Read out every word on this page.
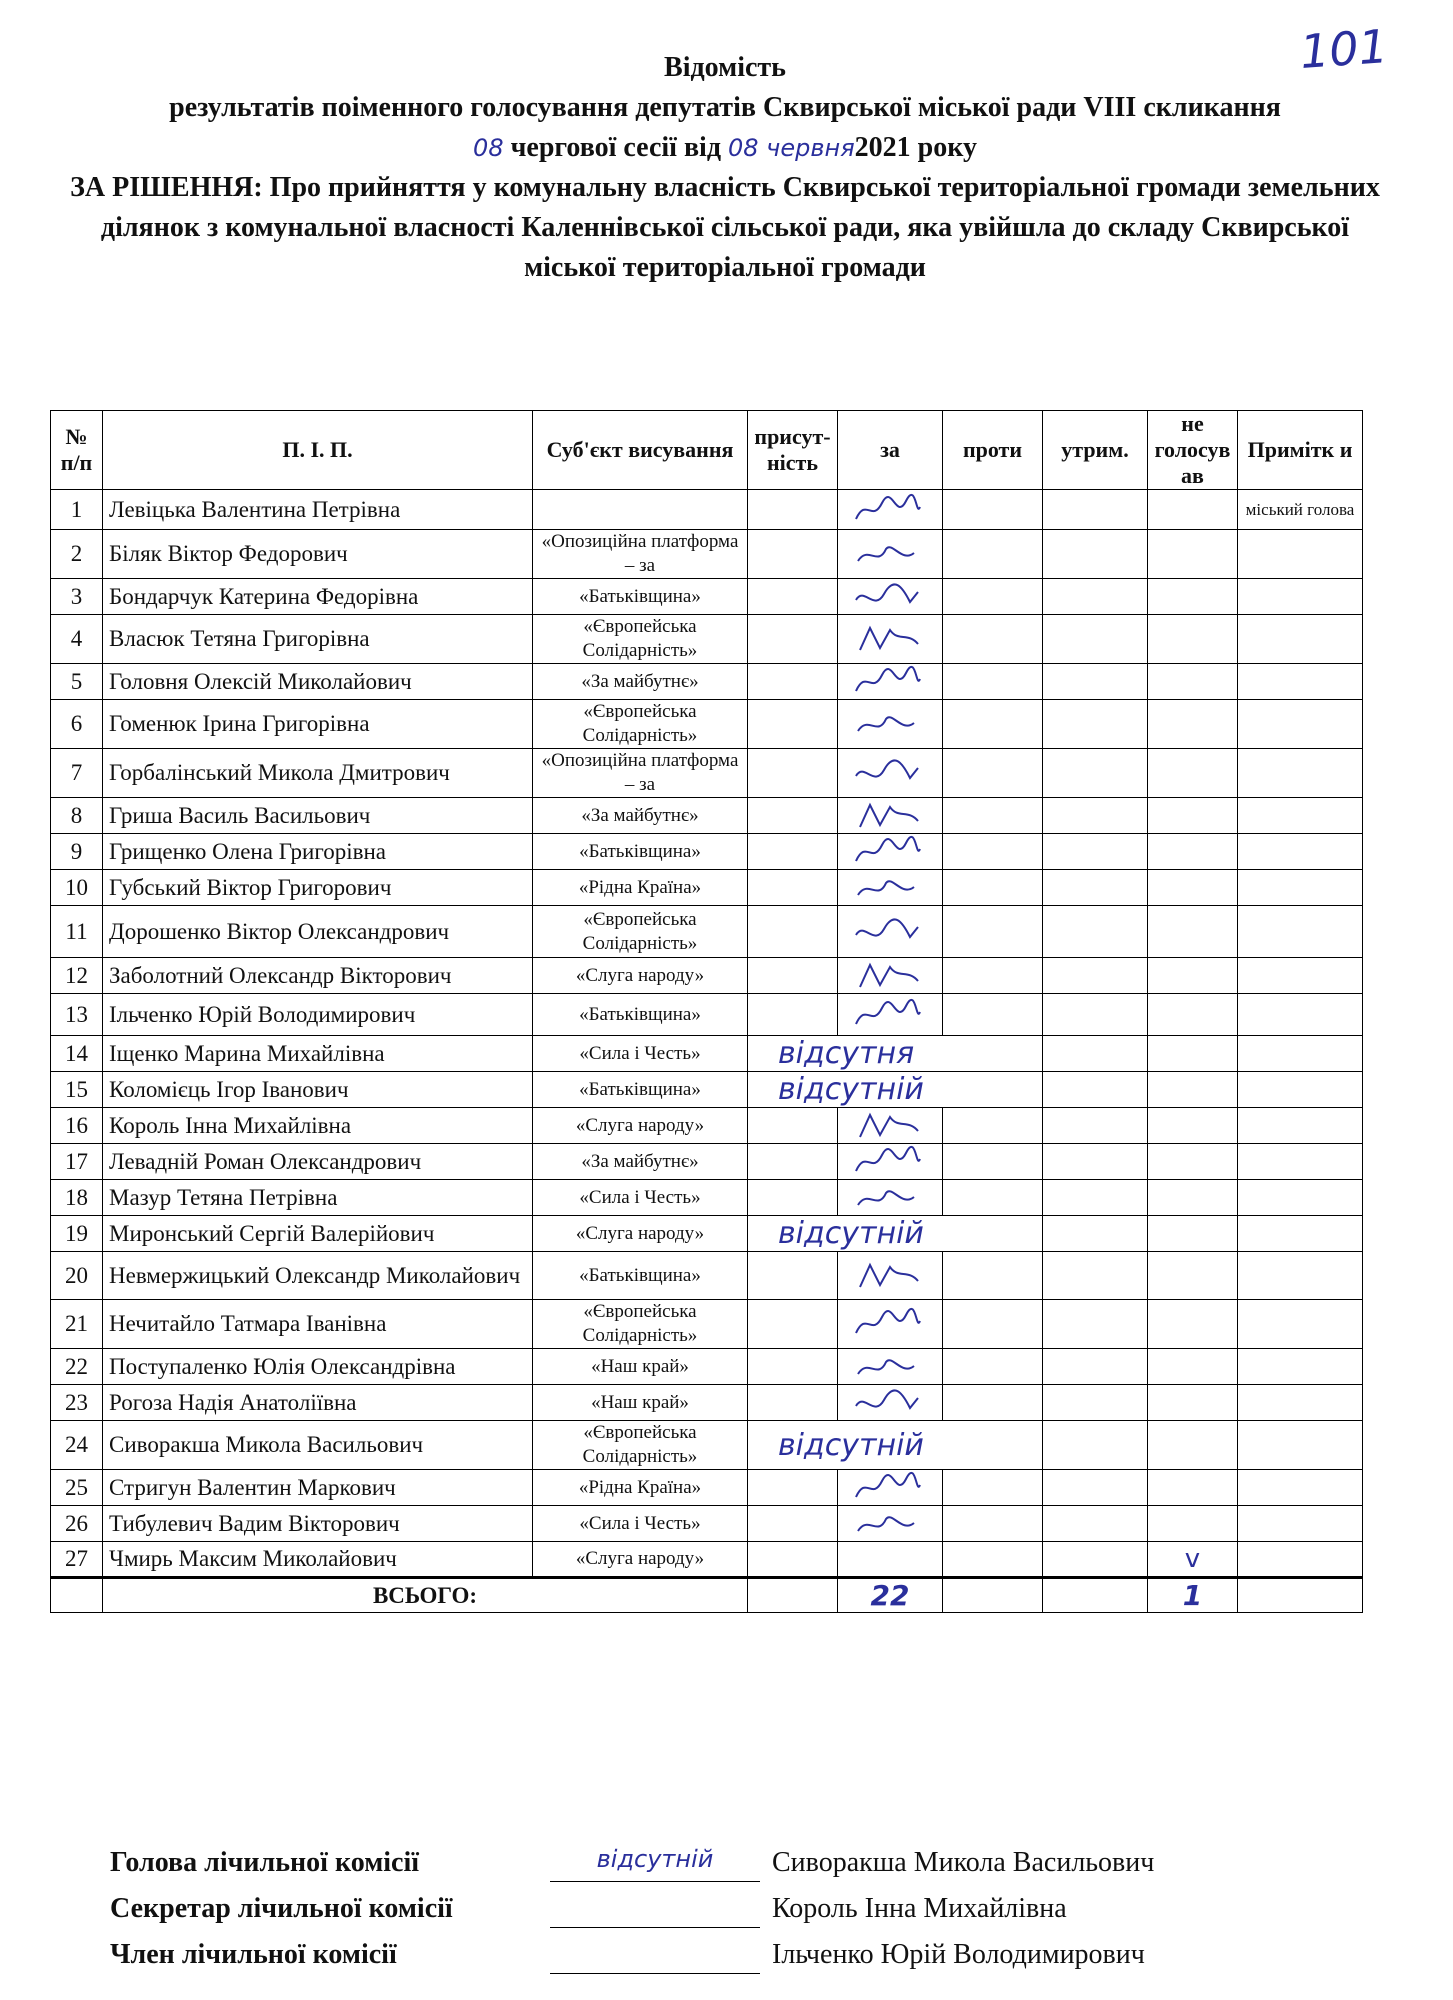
101
Відомість
результатів поіменного голосування депутатів Сквирської міської ради VIII скликання
08 чергової сесії від 08 червня2021 року
ЗА РІШЕННЯ: Про прийняття у комунальну власність Сквирської територіальної громади земельних ділянок з комунальної власності Каленнівської сільської ради, яка увійшла до складу Сквирської міської територіальної громади
№ п/п	П. І. П.	Суб'єкт висування	присут-ність	за	проти	утрим.	не голосув ав	Примітк и
1	Левіцька Валентина Петрівна							міський голова
2	Біляк Віктор Федорович	«Опозиційна платформа – за						
3	Бондарчук Катерина Федорівна	«Батьківщина»						
4	Власюк Тетяна Григорівна	«Європейська Солідарність»						
5	Головня Олексій Миколайович	«За майбутнє»						
6	Гоменюк Ірина Григорівна	«Європейська Солідарність»						
7	Горбалінський Микола Дмитрович	«Опозиційна платформа – за						
8	Гриша Василь Васильович	«За майбутнє»						
9	Грищенко Олена Григорівна	«Батьківщина»						
10	Губський Віктор Григорович	«Рідна Країна»						
11	Дорошенко Віктор Олександрович	«Європейська Солідарність»						
12	Заболотний Олександр Вікторович	«Слуга народу»						
13	Ільченко Юрій Володимирович	«Батьківщина»						
14	Іщенко Марина Михайлівна	«Сила і Честь»	відсутня					
15	Коломієць Ігор Іванович	«Батьківщина»	відсутній					
16	Король Інна Михайлівна	«Слуга народу»						
17	Левадній Роман Олександрович	«За майбутнє»						
18	Мазур Тетяна Петрівна	«Сила і Честь»						
19	Миронський Сергій Валерійович	«Слуга народу»	відсутній					
20	Невмержицький Олександр Миколайович	«Батьківщина»						
21	Нечитайло Татмара Іванівна	«Європейська Солідарність»						
22	Поступаленко Юлія Олександрівна	«Наш край»						
23	Рогоза Надія Анатоліївна	«Наш край»						
24	Сиворакша Микола Васильович	«Європейська Солідарність»	відсутній					
25	Стригун Валентин Маркович	«Рідна Країна»						
26	Тибулевич Вадим Вікторович	«Сила і Честь»						
27	Чмирь Максим Миколайович	«Слуга народу»					v	
	ВСЬОГО:			22			1	
Голова лічильної комісії	відсутній	Сиворакша Микола Васильович
Секретар лічильної комісії	Король Інна Михайлівна
Член лічильної комісії	Ільченко Юрій Володимирович
